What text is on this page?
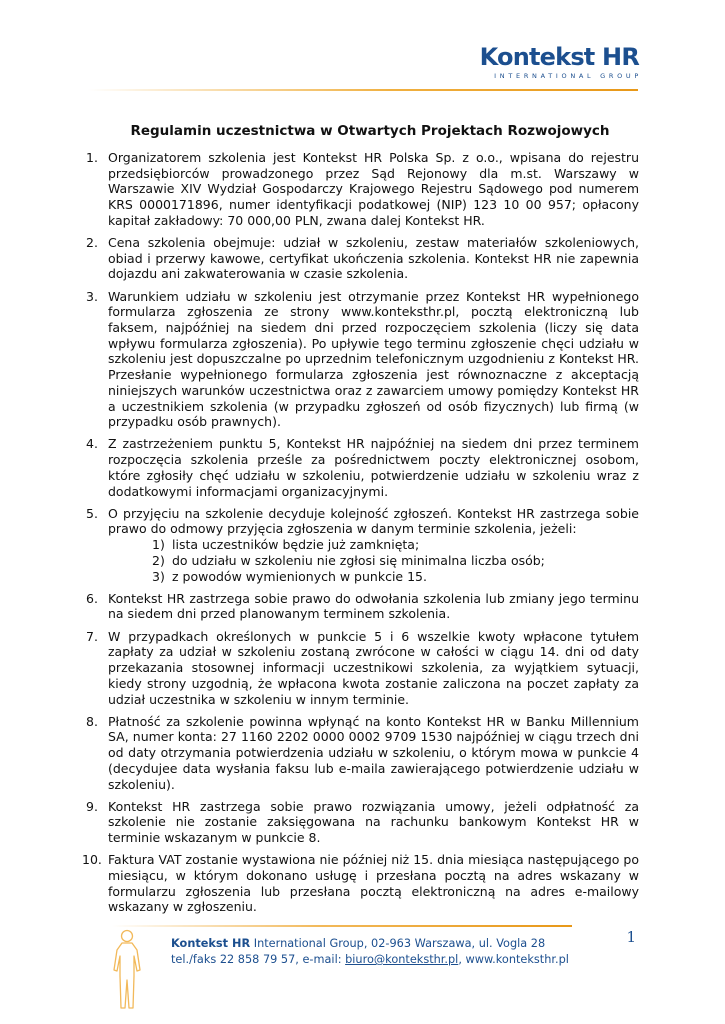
Kontekst HR
INTERNATIONAL GROUP
Regulamin uczestnictwa w Otwartych Projektach Rozwojowych
1. Organizatorem szkolenia jest Kontekst HR Polska Sp. z o.o., wpisana do rejestru przedsiębiorców prowadzonego przez Sąd Rejonowy dla m.st. Warszawy w Warszawie XIV Wydział Gospodarczy Krajowego Rejestru Sądowego pod numerem KRS 0000171896, numer identyfikacji podatkowej (NIP) 123 10 00 957; opłacony kapitał zakładowy: 70 000,00 PLN, zwana dalej Kontekst HR.
2. Cena szkolenia obejmuje: udział w szkoleniu, zestaw materiałów szkoleniowych, obiad i przerwy kawowe, certyfikat ukończenia szkolenia. Kontekst HR nie zapewnia dojazdu ani zakwaterowania w czasie szkolenia.
3. Warunkiem udziału w szkoleniu jest otrzymanie przez Kontekst HR wypełnionego formularza zgłoszenia ze strony www.konteksthr.pl, pocztą elektroniczną lub faksem, najpóźniej na siedem dni przed rozpoczęciem szkolenia (liczy się data wpływu formularza zgłoszenia). Po upływie tego terminu zgłoszenie chęci udziału w szkoleniu jest dopuszczalne po uprzednim telefonicznym uzgodnieniu z Kontekst HR. Przesłanie wypełnionego formularza zgłoszenia jest równoznaczne z akceptacją niniejszych warunków uczestnictwa oraz z zawarciem umowy pomiędzy Kontekst HR a uczestnikiem szkolenia (w przypadku zgłoszeń od osób fizycznych) lub firmą (w przypadku osób prawnych).
4. Z zastrzeżeniem punktu 5, Kontekst HR najpóźniej na siedem dni przez terminem rozpoczęcia szkolenia prześle za pośrednictwem poczty elektronicznej osobom, które zgłosiły chęć udziału w szkoleniu, potwierdzenie udziału w szkoleniu wraz z dodatkowymi informacjami organizacyjnymi.
5. O przyjęciu na szkolenie decyduje kolejność zgłoszeń. Kontekst HR zastrzega sobie prawo do odmowy przyjęcia zgłoszenia w danym terminie szkolenia, jeżeli:
1) lista uczestników będzie już zamknięta;
2) do udziału w szkoleniu nie zgłosi się minimalna liczba osób;
3) z powodów wymienionych w punkcie 15.
6. Kontekst HR zastrzega sobie prawo do odwołania szkolenia lub zmiany jego terminu na siedem dni przed planowanym terminem szkolenia.
7. W przypadkach określonych w punkcie 5 i 6 wszelkie kwoty wpłacone tytułem zapłaty za udział w szkoleniu zostaną zwrócone w całości w ciągu 14. dni od daty przekazania stosownej informacji uczestnikowi szkolenia, za wyjątkiem sytuacji, kiedy strony uzgodnią, że wpłacona kwota zostanie zaliczona na poczet zapłaty za udział uczestnika w szkoleniu w innym terminie.
8. Płatność za szkolenie powinna wpłynąć na konto Kontekst HR w Banku Millennium SA, numer konta: 27 1160 2202 0000 0002 9709 1530 najpóźniej w ciągu trzech dni od daty otrzymania potwierdzenia udziału w szkoleniu, o którym mowa w punkcie 4 (decydujee data wysłania faksu lub e-maila zawierającego potwierdzenie udziału w szkoleniu).
9. Kontekst HR zastrzega sobie prawo rozwiązania umowy, jeżeli odpłatność za szkolenie nie zostanie zaksięgowana na rachunku bankowym Kontekst HR w terminie wskazanym w punkcie 8.
10. Faktura VAT zostanie wystawiona nie później niż 15. dnia miesiąca następującego po miesiącu, w którym dokonano usługę i przesłana pocztą na adres wskazany w formularzu zgłoszenia lub przesłana pocztą elektroniczną na adres e-mailowy wskazany w zgłoszeniu.
Kontekst HR International Group, 02-963 Warszawa, ul. Vogla 28
tel./faks 22 858 79 57, e-mail: biuro@konteksthr.pl, www.konteksthr.pl
1
